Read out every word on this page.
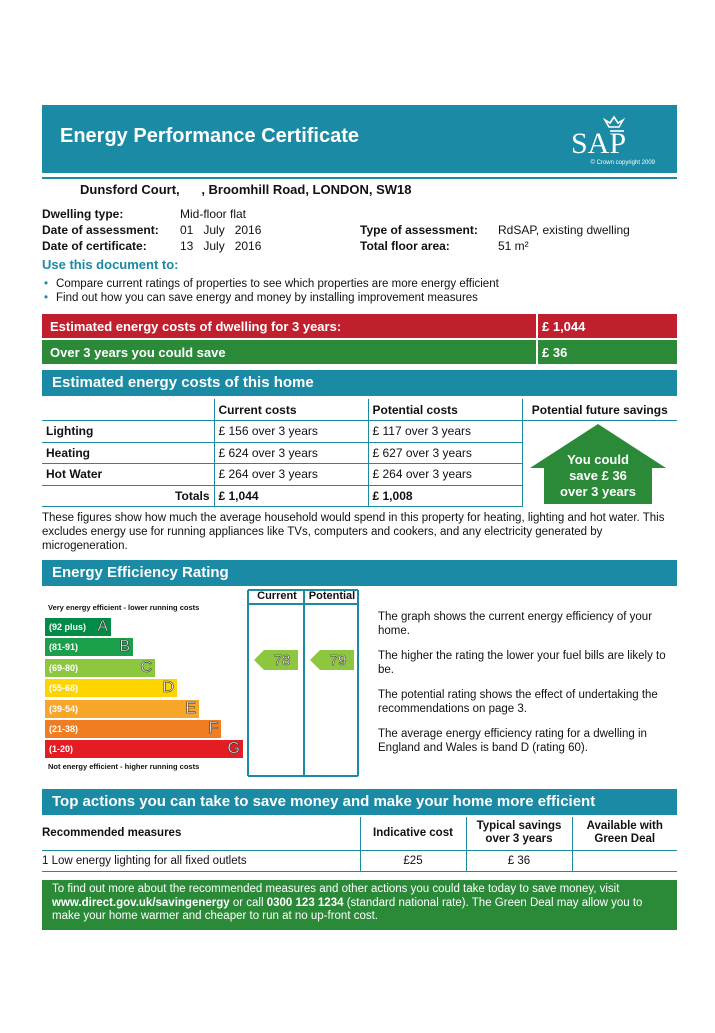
Energy Performance Certificate	SAP
© Crown copyright 2009
Dunsford Court,      , Broomhill Road, LONDON, SW18
Dwelling type:	Mid-floor flat
Date of assessment: 01   July   2016
Date of certificate:	13   July   2016
Type of assessment: RdSAP, existing dwelling
Total floor area:	51 m²
Use this document to:
• Compare current ratings of properties to see which properties are more energy efficient
• Find out how you can save energy and money by installing improvement measures
Estimated energy costs of dwelling for 3 years:	£ 1,044
Over 3 years you could save	£ 36
Estimated energy costs of this home
	Current costs	Potential costs	Potential future savings
Lighting	£ 156 over 3 years	£ 117 over 3 years	
Heating	£ 624 over 3 years	£ 627 over 3 years	
Hot Water	£ 264 over 3 years	£ 264 over 3 years	
Totals	£ 1,044	£ 1,008	
You could
save £ 36
over 3 years
These figures show how much the average household would spend in this property for heating, lighting and hot water. This excludes energy use for running appliances like TVs, computers and cookers, and any electricity generated by microgeneration.
Energy Efficiency Rating
Current	Potential
78	79
Very energy efficient - lower running costs
Not energy efficient - higher running costs
(92 plus) A
(81-91)	B
(69-80)	C
(55-68)	D
(39-54)	E
(21-38)	F
(1-20)	G

The graph shows the current energy efficiency of your home.

The higher the rating the lower your fuel bills are likely to be.

The potential rating shows the effect of undertaking the recommendations on page 3.

The average energy efficiency rating for a dwelling in England and Wales is band D (rating 60).

Top actions you can take to save money and make your home more efficient
Recommended measures	Indicative cost	Typical savings over 3 years	Available with Green Deal
1 Low energy lighting for all fixed outlets	£25	£ 36	
To find out more about the recommended measures and other actions you could take today to save money, visit www.direct.gov.uk/savingenergy or call 0300 123 1234 (standard national rate). The Green Deal may allow you to make your home warmer and cheaper to run at no up-front cost.
